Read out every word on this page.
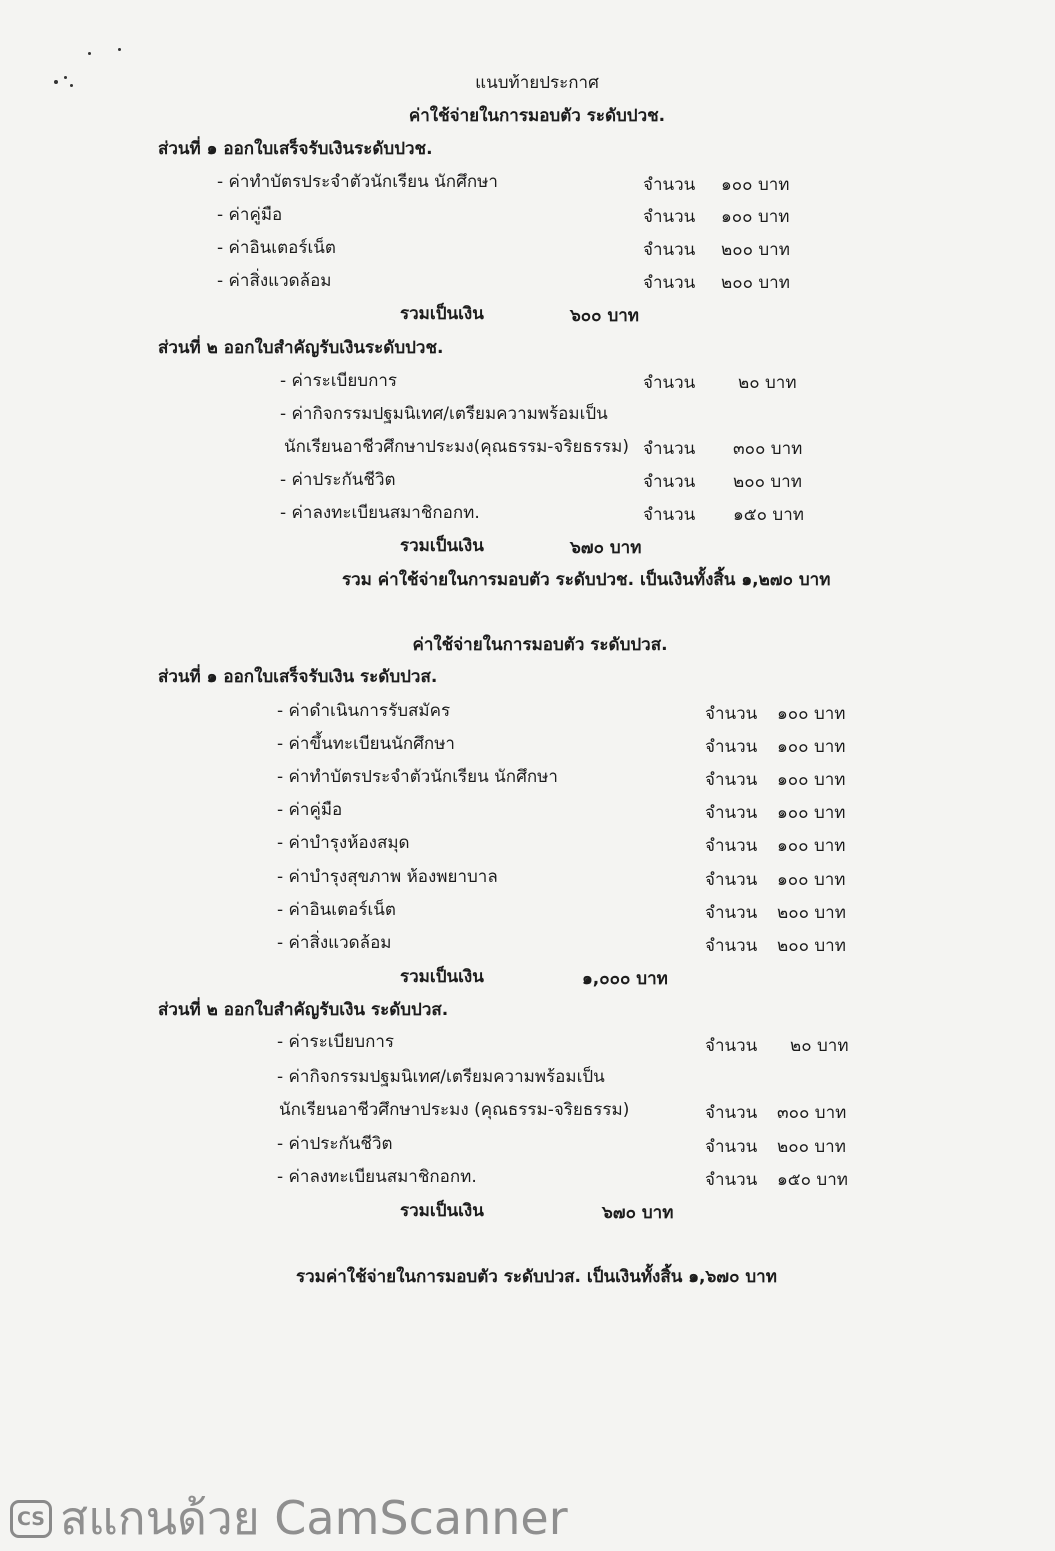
แนบท้ายประกาศ
ค่าใช้จ่ายในการมอบตัว ระดับปวช.
ส่วนที่ ๑ ออกใบเสร็จรับเงินระดับปวช.
- ค่าทำบัตรประจำตัวนักเรียน นักศึกษา	จำนวน ๑๐๐ บาท
- ค่าคู่มือ	จำนวน ๑๐๐ บาท
- ค่าอินเตอร์เน็ต	จำนวน ๒๐๐ บาท
- ค่าสิ่งแวดล้อม	จำนวน ๒๐๐ บาท
รวมเป็นเงิน	๖๐๐ บาท
ส่วนที่ ๒ ออกใบสำคัญรับเงินระดับปวช.
- ค่าระเบียบการ	จำนวน	๒๐ บาท
- ค่ากิจกรรมปฐมนิเทศ/เตรียมความพร้อมเป็น
นักเรียนอาชีวศึกษาประมง(คุณธรรม-จริยธรรม) จำนวน ๓๐๐ บาท
- ค่าประกันชีวิต	จำนวน ๒๐๐ บาท
- ค่าลงทะเบียนสมาชิกอกท.	จำนวน ๑๕๐ บาท
รวมเป็นเงิน	๖๗๐ บาท
รวม ค่าใช้จ่ายในการมอบตัว ระดับปวช. เป็นเงินทั้งสิ้น ๑,๒๗๐ บาท
ค่าใช้จ่ายในการมอบตัว ระดับปวส.
ส่วนที่ ๑ ออกใบเสร็จรับเงิน ระดับปวส.
- ค่าดำเนินการรับสมัคร	จำนวน ๑๐๐ บาท
- ค่าขึ้นทะเบียนนักศึกษา	จำนวน ๑๐๐ บาท
- ค่าทำบัตรประจำตัวนักเรียน นักศึกษา	จำนวน ๑๐๐ บาท
- ค่าคู่มือ	จำนวน ๑๐๐ บาท
- ค่าบำรุงห้องสมุด	จำนวน ๑๐๐ บาท
- ค่าบำรุงสุขภาพ ห้องพยาบาล	จำนวน ๑๐๐ บาท
- ค่าอินเตอร์เน็ต	จำนวน ๒๐๐ บาท
- ค่าสิ่งแวดล้อม	จำนวน ๒๐๐ บาท
รวมเป็นเงิน	๑,๐๐๐ บาท
ส่วนที่ ๒ ออกใบสำคัญรับเงิน ระดับปวส.
- ค่าระเบียบการ	จำนวน ๒๐ บาท
- ค่ากิจกรรมปฐมนิเทศ/เตรียมความพร้อมเป็น
นักเรียนอาชีวศึกษาประมง (คุณธรรม-จริยธรรม)	จำนวน ๓๐๐ บาท
- ค่าประกันชีวิต	จำนวน ๒๐๐ บาท
- ค่าลงทะเบียนสมาชิกอกท.	จำนวน ๑๕๐ บาท
รวมเป็นเงิน	๖๗๐ บาท
รวมค่าใช้จ่ายในการมอบตัว ระดับปวส. เป็นเงินทั้งสิ้น ๑,๖๗๐ บาท
CS สแกนด้วย CamScanner
